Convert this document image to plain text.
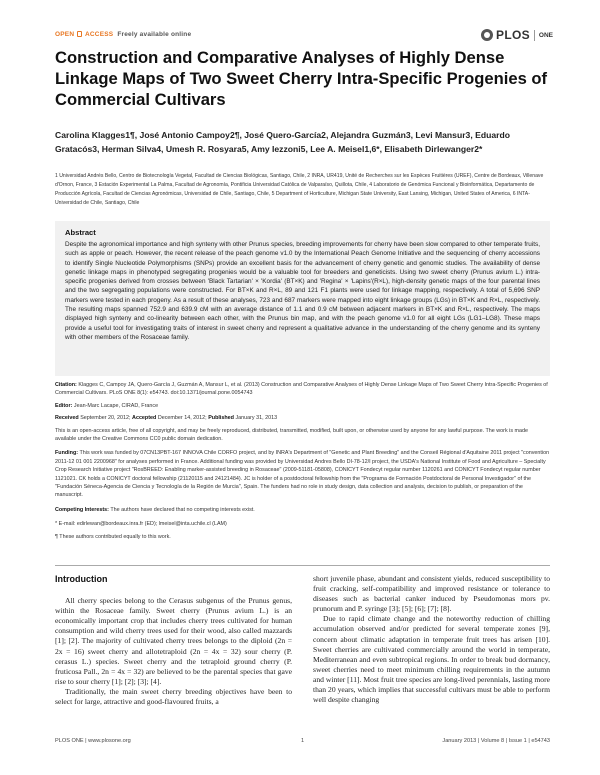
OPEN ACCESS Freely available online	PLOS ONE
Construction and Comparative Analyses of Highly Dense Linkage Maps of Two Sweet Cherry Intra-Specific Progenies of Commercial Cultivars
Carolina Klagges1¶, José Antonio Campoy2¶, José Quero-García2, Alejandra Guzmán3, Levi Mansur3, Eduardo Gratacós3, Herman Silva4, Umesh R. Rosyara5, Amy Iezzoni5, Lee A. Meisel1,6*, Elisabeth Dirlewanger2*
1 Universidad Andrés Bello, Centro de Biotecnología Vegetal, Facultad de Ciencias Biológicas, Santiago, Chile, 2 INRA, UR419, Unité de Recherches sur les Espèces Fruitières (UREF), Centre de Bordeaux, Villenave d'Ornon, France, 3 Estación Experimental La Palma, Facultad de Agronomía, Pontificia Universidad Católica de Valparaíso, Quillota, Chile, 4 Laboratorio de Genómica Funcional y Bioinformática, Departamento de Producción Agrícola, Facultad de Ciencias Agronómicas, Universidad de Chile, Santiago, Chile, 5 Department of Horticulture, Michigan State University, East Lansing, Michigan, United States of America, 6 INTA-Universidad de Chile, Santiago, Chile
Abstract
Despite the agronomical importance and high synteny with other Prunus species, breeding improvements for cherry have been slow compared to other temperate fruits, such as apple or peach. However, the recent release of the peach genome v1.0 by the International Peach Genome Initiative and the sequencing of cherry accessions to identify Single Nucleotide Polymorphisms (SNPs) provide an excellent basis for the advancement of cherry genetic and genomic studies. The availability of dense genetic linkage maps in phenotyped segregating progenies would be a valuable tool for breeders and geneticists. Using two sweet cherry (Prunus avium L.) intra-specific progenies derived from crosses between 'Black Tartarian' × 'Kordia' (BT×K) and 'Regina' × 'Lapins'(R×L), high-density genetic maps of the four parental lines and the two segregating populations were constructed. For BT×K and R×L, 89 and 121 F1 plants were used for linkage mapping, respectively. A total of 5,696 SNP markers were tested in each progeny. As a result of these analyses, 723 and 687 markers were mapped into eight linkage groups (LGs) in BT×K and R×L, respectively. The resulting maps spanned 752.9 and 639.9 cM with an average distance of 1.1 and 0.9 cM between adjacent markers in BT×K and R×L, respectively. The maps displayed high synteny and co-linearity between each other, with the Prunus bin map, and with the peach genome v1.0 for all eight LGs (LG1–LG8). These maps provide a useful tool for investigating traits of interest in sweet cherry and represent a qualitative advance in the understanding of the cherry genome and its synteny with other members of the Rosaceae family.

Citation: Klagges C, Campoy JA, Quero-García J, Guzmán A, Mansur L, et al. (2013) Construction and Comparative Analyses of Highly Dense Linkage Maps of Two Sweet Cherry Intra-Specific Progenies of Commercial Cultivars. PLoS ONE 8(1): e54743. doi:10.1371/journal.pone.0054743

Editor: Jean-Marc Lacape, CIRAD, France

Received September 20, 2012; Accepted December 14, 2012; Published January 31, 2013

This is an open-access article, free of all copyright, and may be freely reproduced, distributed, transmitted, modified, built upon, or otherwise used by anyone for any lawful purpose. The work is made available under the Creative Commons CC0 public domain dedication.

Funding: This work was funded by 07CN13PBT-167 INNOVA Chile CORFO project, and by INRA's Department of "Genetic and Plant Breeding" and the Conseil Régional d'Aquitaine 2011 project "convention 2011-12 01 001 2200968" for analyses performed in France. Additional funding was provided by Universidad Andres Bello DI-78-12/I project, the USDA's National Institute of Food and Agriculture – Specialty Crop Research Initiative project "RosBREED: Enabling marker-assisted breeding in Rosaceae" (2009-51181-05808), CONICYT Fondecyt regular number 1120261 and CONICYT Fondecyt regular number 1121021. CK holds a CONICYT doctoral fellowship (21120115 and 24121484). JC is holder of a postdoctoral fellowship from the "Programa de Formación Postdoctoral de Personal Investigador" of the "Fundación Séneca-Agencia de Ciencia y Tecnología de la Región de Murcia", Spain. The funders had no role in study design, data collection and analysis, decision to publish, or preparation of the manuscript.

Competing Interests: The authors have declared that no competing interests exist.

* E-mail: edirlewan@bordeaux.inra.fr (ED); lmeisel@inta.uchile.cl (LAM)

¶ These authors contributed equally to this work.

Introduction

All cherry species belong to the Cerasus subgenus of the Prunus genus, within the Rosaceae family. Sweet cherry (Prunus avium L.) is an economically important crop that includes cherry trees cultivated for human consumption and wild cherry trees used for their wood, also called mazzards [1]; [2]. The majority of cultivated cherry trees belongs to the diploid (2n = 2x = 16) sweet cherry and allotetraploid (2n = 4x = 32) sour cherry (P. cerasus L.) species. Sweet cherry and the tetraploid ground cherry (P. fruticosa Pall., 2n = 4x = 32) are believed to be the parental species that gave rise to sour cherry [1]; [2]; [3]; [4].

Traditionally, the main sweet cherry breeding objectives have been to select for large, attractive and good-flavoured fruits, a

short juvenile phase, abundant and consistent yields, reduced susceptibility to fruit cracking, self-compatibility and improved resistance or tolerance to diseases such as bacterial canker induced by Pseudomonas mors pv. prunorum and P. syringe [3]; [5]; [6]; [7]; [8].

Due to rapid climate change and the noteworthy reduction of chilling accumulation observed and/or predicted for several temperate zones [9], concern about climatic adaptation in temperate fruit trees has arisen [10]. Sweet cherries are cultivated commercially around the world in temperate, Mediterranean and even subtropical regions. In order to break bud dormancy, sweet cherries need to meet minimum chilling requirements in the autumn and winter [11]. Most fruit tree species are long-lived perennials, lasting more than 20 years, which implies that successful cultivars must be able to perform well despite changing

PLOS ONE | www.plosone.org	1	January 2013 | Volume 8 | Issue 1 | e54743
